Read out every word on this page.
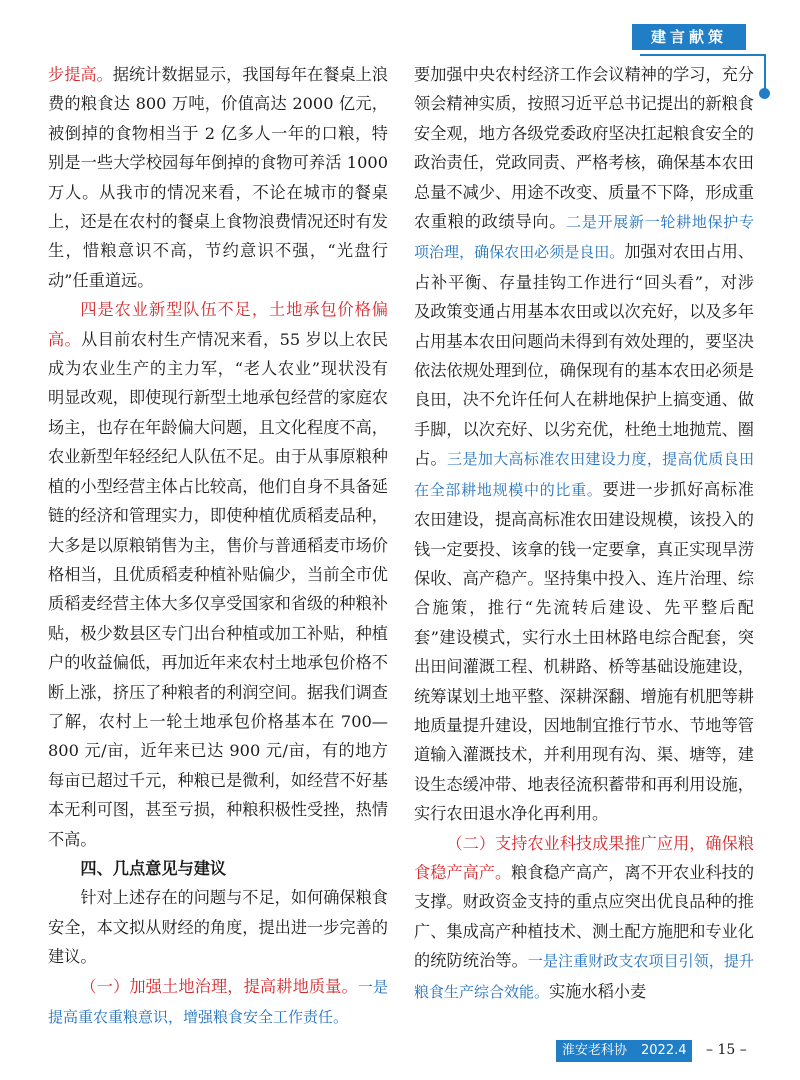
建言献策

步提高。据统计数据显示，我国每年在餐桌上浪费的粮食达 800 万吨，价值高达 2000 亿元，被倒掉的食物相当于 2 亿多人一年的口粮，特别是一些大学校园每年倒掉的食物可养活 1000 万人。从我市的情况来看，不论在城市的餐桌上，还是在农村的餐桌上食物浪费情况还时有发生，惜粮意识不高，节约意识不强，“光盘行动”任重道远。

四是农业新型队伍不足，土地承包价格偏高。从目前农村生产情况来看，55 岁以上农民成为农业生产的主力军，“老人农业”现状没有明显改观，即使现行新型土地承包经营的家庭农场主，也存在年龄偏大问题，且文化程度不高，农业新型年轻经纪人队伍不足。由于从事原粮种植的小型经营主体占比较高，他们自身不具备延链的经济和管理实力，即使种植优质稻麦品种，大多是以原粮销售为主，售价与普通稻麦市场价格相当，且优质稻麦种植补贴偏少，当前全市优质稻麦经营主体大多仅享受国家和省级的种粮补贴，极少数县区专门出台种植或加工补贴，种植户的收益偏低，再加近年来农村土地承包价格不断上涨，挤压了种粮者的利润空间。据我们调查了解，农村上一轮土地承包价格基本在 700—800 元/亩，近年来已达 900 元/亩，有的地方每亩已超过千元，种粮已是微利，如经营不好基本无利可图，甚至亏损，种粮积极性受挫，热情不高。

四、几点意见与建议

针对上述存在的问题与不足，如何确保粮食安全，本文拟从财经的角度，提出进一步完善的建议。

（一）加强土地治理，提高耕地质量。一是提高重农重粮意识，增强粮食安全工作责任。

要加强中央农村经济工作会议精神的学习，充分领会精神实质，按照习近平总书记提出的新粮食安全观，地方各级党委政府坚决扛起粮食安全的政治责任，党政同责、严格考核，确保基本农田总量不减少、用途不改变、质量不下降，形成重农重粮的政绩导向。二是开展新一轮耕地保护专项治理，确保农田必须是良田。加强对农田占用、占补平衡、存量挂钩工作进行“回头看”，对涉及政策变通占用基本农田或以次充好，以及多年占用基本农田问题尚未得到有效处理的，要坚决依法依规处理到位，确保现有的基本农田必须是良田，决不允许任何人在耕地保护上搞变通、做手脚，以次充好、以劣充优，杜绝土地抛荒、圈占。三是加大高标准农田建设力度，提高优质良田在全部耕地规模中的比重。要进一步抓好高标准农田建设，提高高标准农田建设规模，该投入的钱一定要投、该拿的钱一定要拿，真正实现旱涝保收、高产稳产。坚持集中投入、连片治理、综合施策，推行“先流转后建设、先平整后配套”建设模式，实行水土田林路电综合配套，突出田间灌溉工程、机耕路、桥等基础设施建设，统筹谋划土地平整、深耕深翻、增施有机肥等耕地质量提升建设，因地制宜推行节水、节地等管道输入灌溉技术，并利用现有沟、渠、塘等，建设生态缓冲带、地表径流积蓄带和再利用设施，实行农田退水净化再利用。

（二）支持农业科技成果推广应用，确保粮食稳产高产。粮食稳产高产，离不开农业科技的支撑。财政资金支持的重点应突出优良品种的推广、集成高产种植技术、测土配方施肥和专业化的统防统治等。一是注重财政支农项目引领，提升粮食生产综合效能。实施水稻小麦

淮安老科协 2022.4	– 15 –
